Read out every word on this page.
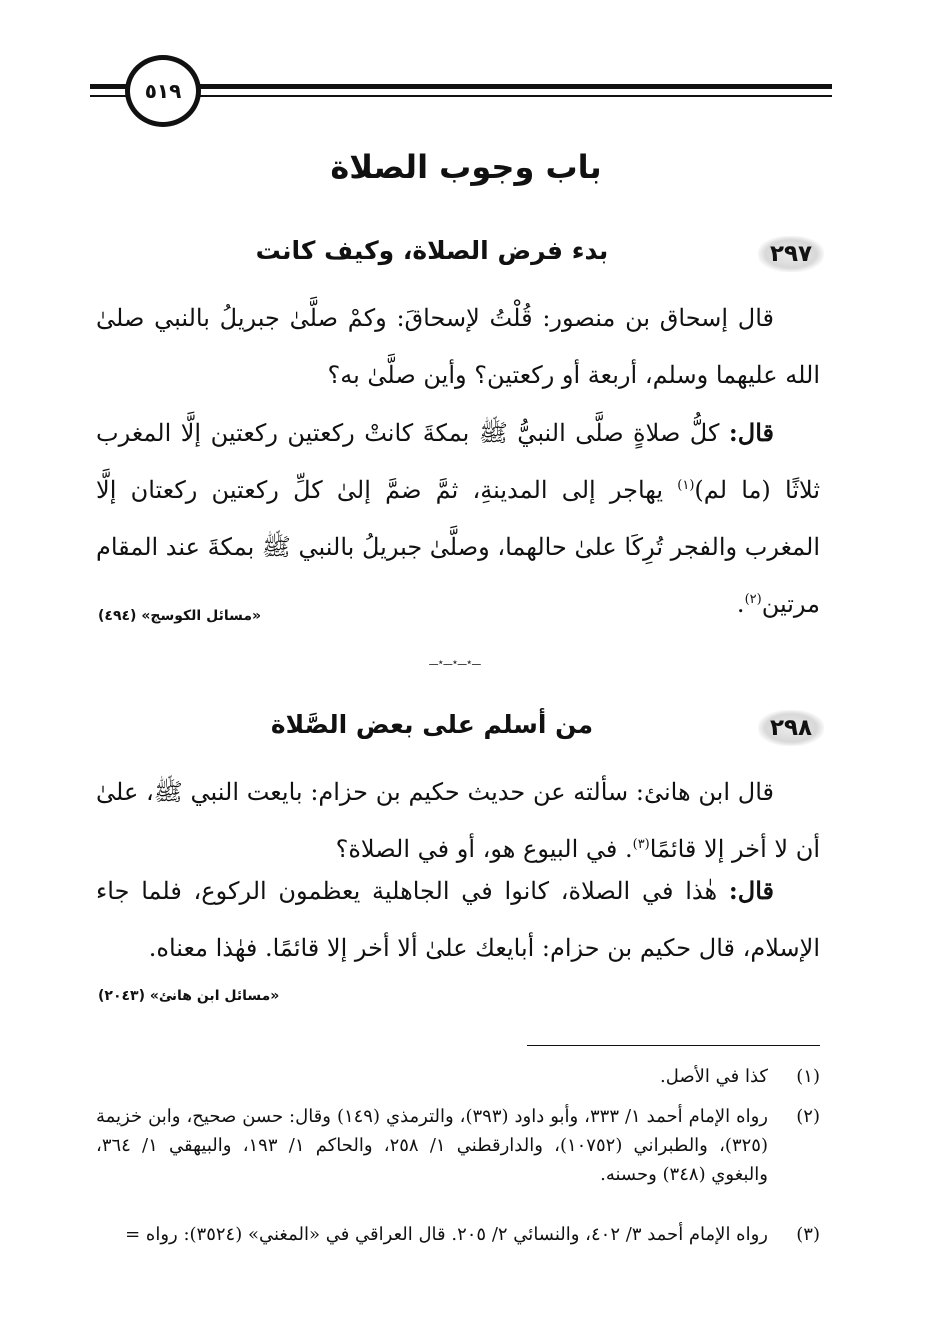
٥١٩
باب وجوب الصلاة
٢٩٧
بدء فرض الصلاة، وكيف كانت
قال إسحاق بن منصور: قُلْتُ لإسحاقَ: وكمْ صلَّىٰ جبريلُ بالنبي صلىٰ الله عليهما وسلم، أربعة أو ركعتين؟ وأين صلَّىٰ به؟
قال: كلُّ صلاةٍ صلَّى النبيُّ ﷺ بمكةَ كانتْ ركعتين ركعتين إلَّا المغرب ثلاثًا (ما لم)$^{(١)}$ يهاجر إلى المدينةِ، ثمَّ ضمَّ إلىٰ كلِّ ركعتين ركعتان إلَّا المغرب والفجر تُرِكَا علىٰ حالهما، وصلَّىٰ جبريلُ بالنبي ﷺ بمكةَ عند المقام مرتين$^{(٢)}$.
«مسائل الكوسج» (٤٩٤)
ـــ٭ـــ٭ـــ٭ـــ
٢٩٨
من أسلم على بعض الصَّلاة
قال ابن هانئ: سألته عن حديث حكيم بن حزام: بايعت النبي ﷺ، علىٰ أن لا أخر إلا قائمًا$^{(٣)}$. في البيوع هو، أو في الصلاة؟
قال: هٰذا في الصلاة، كانوا في الجاهلية يعظمون الركوع، فلما جاء الإسلام، قال حكيم بن حزام: أبايعك علىٰ ألا أخر إلا قائمًا. فهٰذا معناه.
«مسائل ابن هانئ» (٢٠٤٣)
(١)
كذا في الأصل.
(٢)
رواه الإمام أحمد ١/ ٣٣٣، وأبو داود (٣٩٣)، والترمذي (١٤٩) وقال: حسن صحيح، وابن خزيمة (٣٢٥)، والطبراني (١٠٧٥٢)، والدارقطني ١/ ٢٥٨، والحاكم ١/ ١٩٣، والبيهقي ١/ ٣٦٤، والبغوي (٣٤٨) وحسنه.
(٣)
رواه الإمام أحمد ٣/ ٤٠٢، والنسائي ٢/ ٢٠٥. قال العراقي في «المغني» (٣٥٢٤): رواه =
